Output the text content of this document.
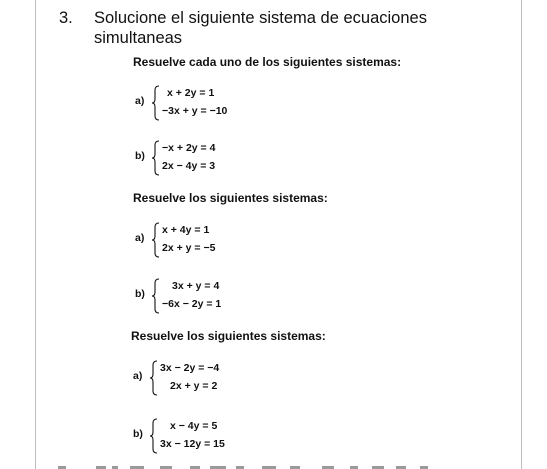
3. Solucione el siguiente sistema de ecuaciones simultaneas
Resuelve cada uno de los siguientes sistemas:
a)
x + 2y = 1
−3x + y = −10
b)
−x + 2y = 4
2x − 4y = 3
Resuelve los siguientes sistemas:
a)
x + 4y = 1
2x + y = −5
b)
3x + y = 4
−6x − 2y = 1
Resuelve los siguientes sistemas:
a)
3x − 2y = −4
2x + y = 2
b)
x − 4y = 5
3x − 12y = 15
